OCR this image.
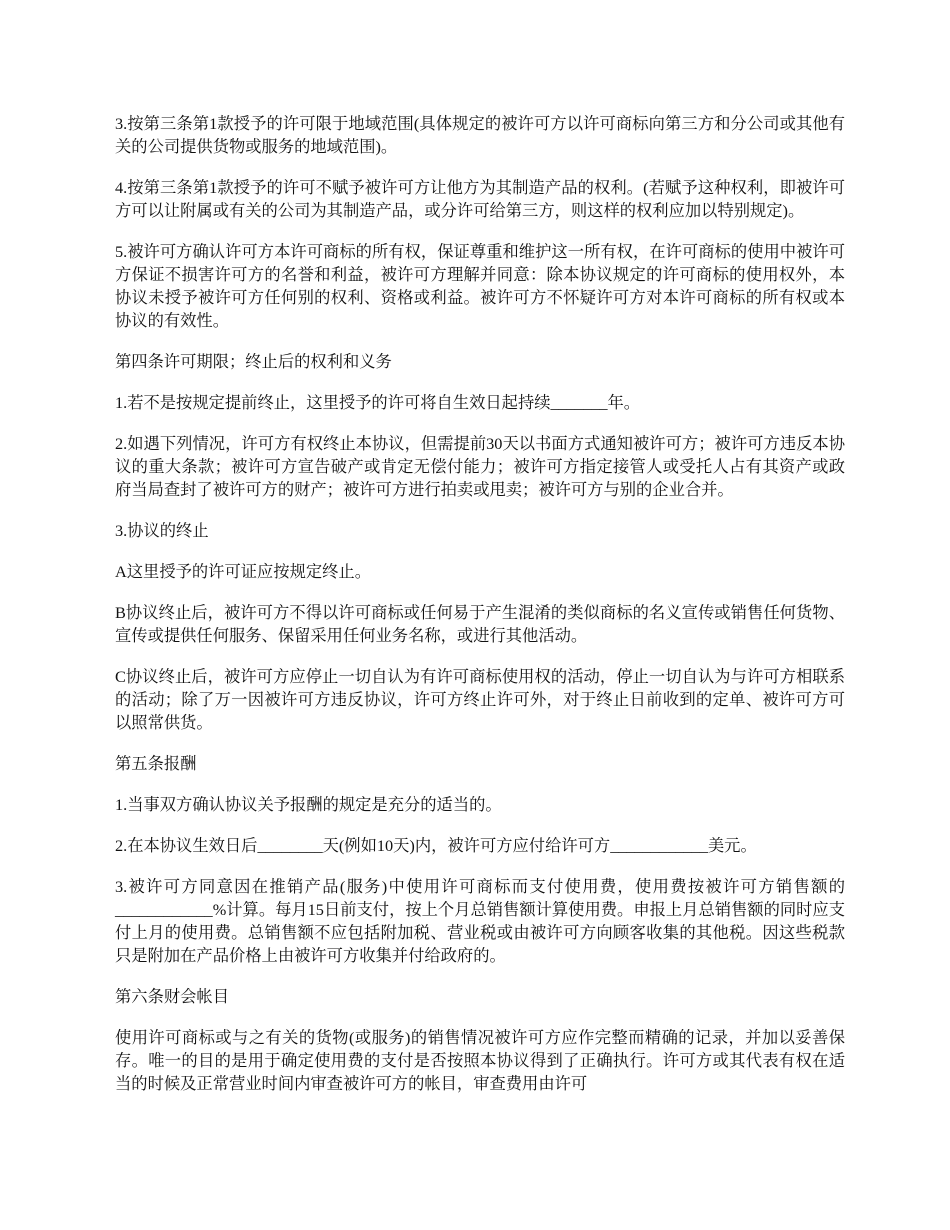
3.按第三条第1款授予的许可限于地域范围(具体规定的被许可方以许可商标向第三方和分公司或其他有关的公司提供货物或服务的地域范围)。

4.按第三条第1款授予的许可不赋予被许可方让他方为其制造产品的权利。(若赋予这种权利，即被许可方可以让附属或有关的公司为其制造产品，或分许可给第三方，则这样的权利应加以特别规定)。

5.被许可方确认许可方本许可商标的所有权，保证尊重和维护这一所有权，在许可商标的使用中被许可方保证不损害许可方的名誉和利益，被许可方理解并同意：除本协议规定的许可商标的使用权外，本协议未授予被许可方任何别的权利、资格或利益。被许可方不怀疑许可方对本许可商标的所有权或本协议的有效性。

第四条许可期限；终止后的权利和义务

1.若不是按规定提前终止，这里授予的许可将自生效日起持续_______年。

2.如遇下列情况，许可方有权终止本协议，但需提前30天以书面方式通知被许可方；被许可方违反本协议的重大条款；被许可方宣告破产或肯定无偿付能力；被许可方指定接管人或受托人占有其资产或政府当局查封了被许可方的财产；被许可方进行拍卖或甩卖；被许可方与别的企业合并。

3.协议的终止

A这里授予的许可证应按规定终止。

B协议终止后，被许可方不得以许可商标或任何易于产生混淆的类似商标的名义宣传或销售任何货物、宣传或提供任何服务、保留采用任何业务名称，或进行其他活动。

C协议终止后，被许可方应停止一切自认为有许可商标使用权的活动，停止一切自认为与许可方相联系的活动；除了万一因被许可方违反协议，许可方终止许可外，对于终止日前收到的定单、被许可方可以照常供货。

第五条报酬

1.当事双方确认协议关予报酬的规定是充分的适当的。

2.在本协议生效日后________天(例如10天)内，被许可方应付给许可方____________美元。

3.被许可方同意因在推销产品(服务)中使用许可商标而支付使用费，使用费按被许可方销售额的____________%计算。每月15日前支付，按上个月总销售额计算使用费。申报上月总销售额的同时应支付上月的使用费。总销售额不应包括附加税、营业税或由被许可方向顾客收集的其他税。因这些税款只是附加在产品价格上由被许可方收集并付给政府的。

第六条财会帐目

使用许可商标或与之有关的货物(或服务)的销售情况被许可方应作完整而精确的记录，并加以妥善保存。唯一的目的是用于确定使用费的支付是否按照本协议得到了正确执行。许可方或其代表有权在适当的时候及正常营业时间内审查被许可方的帐目，审查费用由许可
